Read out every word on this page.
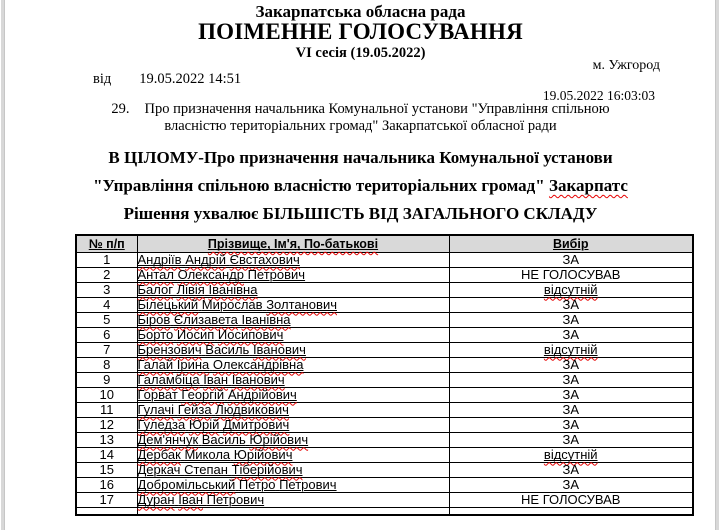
Закарпатська обласна рада
ПОІМЕННЕ ГОЛОСУВАННЯ
VI сесія (19.05.2022)
м. Ужгород
від 19.05.2022 14:51
19.05.2022 16:03:03
29. Про призначення начальника Комунальної установи "Управління спільною
власністю територіальних громад" Закарпатської обласної ради
В ЦІЛОМУ-Про призначення начальника Комунальної установи
"Управління спільною власністю територіальних громад" Закарпатс
Рішення ухвалює БІЛЬШІСТЬ ВІД ЗАГАЛЬНОГО СКЛАДУ
№ п/п	Прізвище, Ім'я, По-батькові	Вибір
1	Андріїв Андрій Євстахович	ЗА
2	Антал Олександр Петрович	НЕ ГОЛОСУВАВ
3	Балог Лівія Іванівна	відсутній
4	Білецький Мирослав Золтанович	ЗА
5	Біров Єлизавета Іванівна	ЗА
6	Борто Иосип Иосипович	ЗА
7	Брензович Василь Іванович	відсутній
8	Галай Ірина Олександрівна	ЗА
9	Галамбіца Іван Іванович	ЗА
10	Горват Георгій Андрійович	ЗА
11	Гулачі Гейза Людвикович	ЗА
12	Гуледза Юрій Дмитрович	ЗА
13	Дем'янчук Василь Юрійович	ЗА
14	Дербак Микола Юрійович	відсутній
15	Деркач Степан Тіберійович	ЗА
16	Добромільський Петро Петрович	ЗА
17	Дуран Іван Петрович	НЕ ГОЛОСУВАВ
